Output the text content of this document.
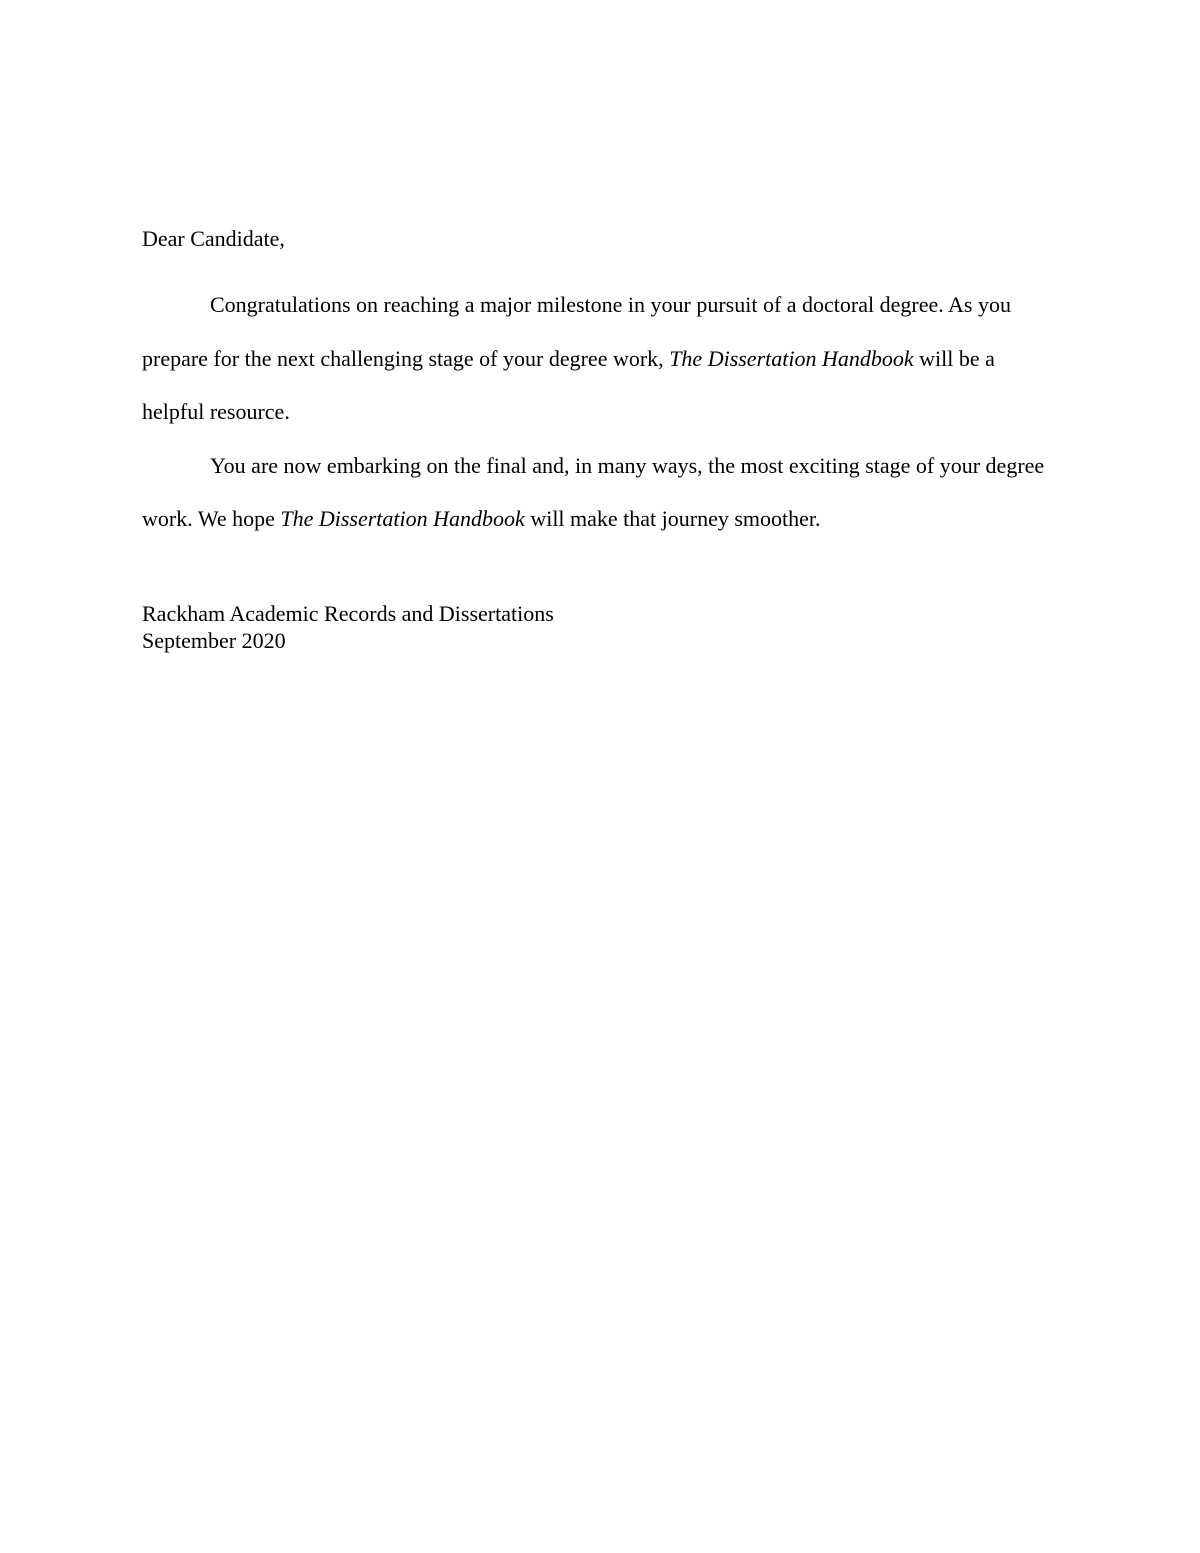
Dear Candidate,

Congratulations on reaching a major milestone in your pursuit of a doctoral degree. As you prepare for the next challenging stage of your degree work, The Dissertation Handbook will be a helpful resource.

You are now embarking on the final and, in many ways, the most exciting stage of your degree work. We hope The Dissertation Handbook will make that journey smoother.

Rackham Academic Records and Dissertations
September 2020
